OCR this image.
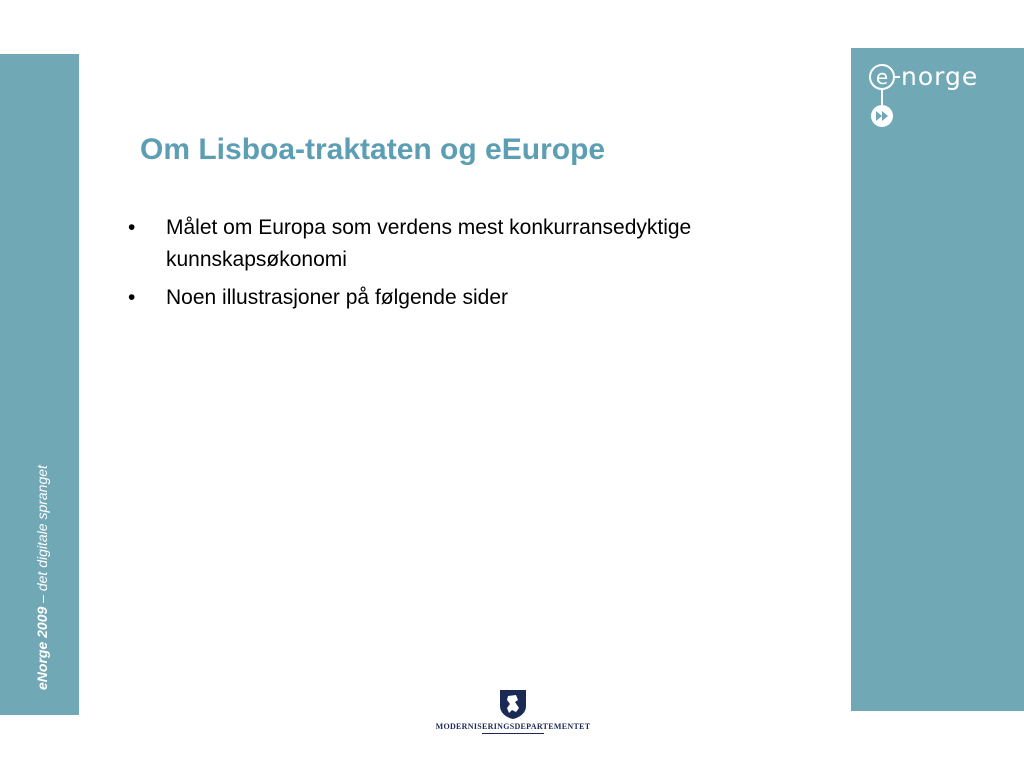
eNorge 2009 – det digitale spranget
e norge
Om Lisboa-traktaten og eEurope
• Målet om Europa som verdens mest konkurransedyktige kunnskapsøkonomi
• Noen illustrasjoner på følgende sider
MODERNISERINGSDEPARTEMENTET
